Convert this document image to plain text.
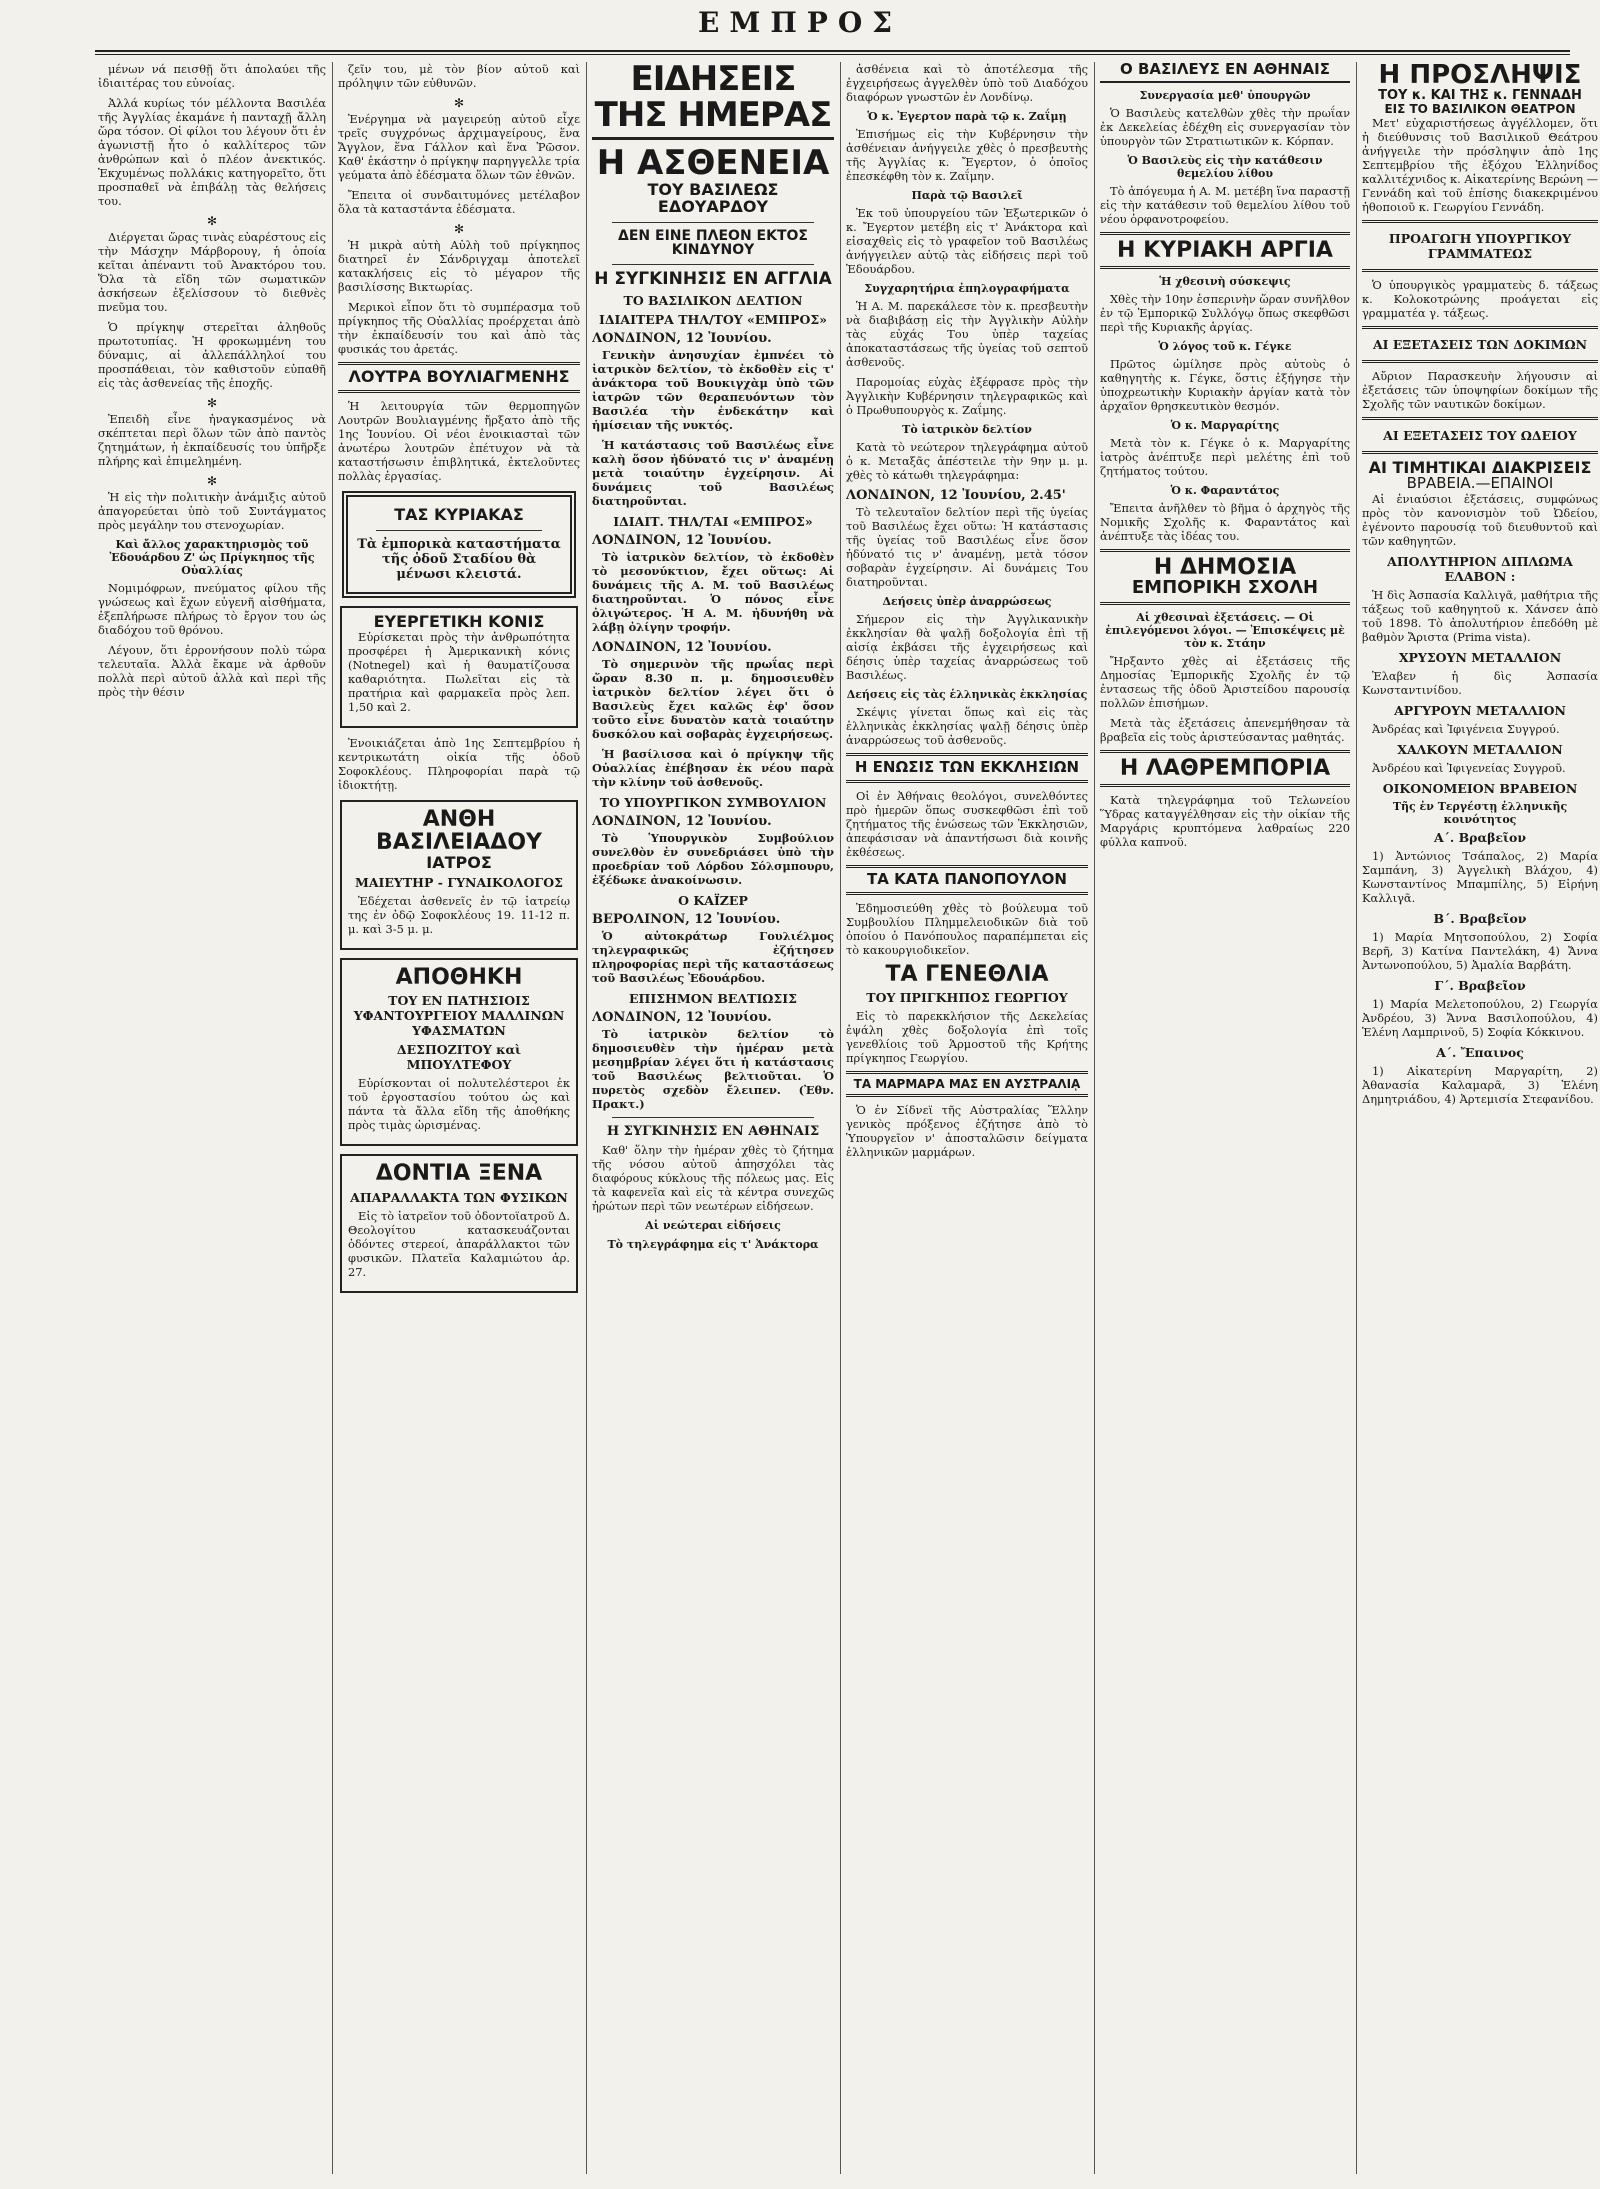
ΕΜΠΡΟΣ

μένων νά πεισθῇ ὅτι ἀπολαύει τῆς ἰδιαιτέρας του εὐνοίας.

Ἀλλά κυρίως τόν μέλλοντα Βασιλέα τῆς Ἀγγλίας ἐκαμάνε ἡ πανταχῇ ἄλλη ὥρα τόσον. Οἱ φίλοι του λέγουν ὅτι ἐν ἀγωνιστῇ ἦτο ὁ καλλίτερος τῶν ἀνθρώπων καὶ ὁ πλέον ἀνεκτικός. Ἐκχυμένως πολλάκις κατηγορεῖτο, ὅτι προσπαθεῖ νὰ ἐπιβάλῃ τὰς θελήσεις του.

✻

Διέργεται ὥρας τινὰς εὐαρέστους εἰς τὴν Μάσχην Μάρβορουγ, ἡ ὁποία κεῖται ἀπέναντι τοῦ Ἀνακτόρου του. Ὅλα τὰ εἴδη τῶν σωματικῶν ἀσκήσεων ἐξελίσσουν τὸ διεθνὲς πνεῦμα του.

Ὁ πρίγκηψ στερεῖται ἀληθοῦς πρωτοτυπίας. Ἡ φροκωμμένη του δύναμις, αἱ ἀλλεπάλληλοί του προσπάθειαι, τὸν καθιστοῦν εὐπαθῆ εἰς τὰς ἀσθενείας τῆς ἐποχῆς.

✻

Ἐπειδὴ εἶνε ἠναγκασμένος νὰ σκέπτεται περὶ ὅλων τῶν ἀπὸ παντὸς ζητημάτων, ἡ ἐκπαίδευσίς του ὑπῆρξε πλήρης καὶ ἐπιμελημένη.

✻

Ἡ εἰς τὴν πολιτικὴν ἀνάμιξις αὐτοῦ ἀπαγορεύεται ὑπὸ τοῦ Συντάγματος πρὸς μεγάλην του στενοχωρίαν.

Καὶ ἄλλος χαρακτηρισμὸς τοῦ Ἐδουάρδου Ζ' ὡς Πρίγκηπος τῆς Οὐαλλίας

Νομιμόφρων, πνεύματος φίλου τῆς γνώσεως καὶ ἔχων εὐγενῆ αἰσθήματα, ἐξεπλήρωσε πλήρως τὸ ἔργον του ὡς διαδόχου τοῦ θρόνου.

Λέγουν, ὅτι ἐρρονήσουν πολὺ τώρα τελευταῖα. Ἀλλὰ ἔκαμε νὰ ἀρθοῦν πολλὰ περὶ αὐτοῦ ἀλλὰ καὶ περὶ τῆς πρὸς τὴν θέσιν

ζεῖν του, μὲ τὸν βίον αὐτοῦ καὶ πρόληψιν τῶν εὐθυνῶν.

✻

Ἐνέργημα νὰ μαγειρεύῃ αὐτοῦ εἶχε τρεῖς συγχρόνως ἀρχιμαγείρους, ἕνα Ἄγγλον, ἕνα Γάλλον καὶ ἕνα Ῥῶσον. Καθ' ἑκάστην ὁ πρίγκηψ παρηγγελλε τρία γεύματα ἀπὸ ἐδέσματα ὅλων τῶν ἐθνῶν.

Ἔπειτα οἱ συνδαιτυμόνες μετέλαβον ὅλα τὰ καταστάντα ἐδέσματα.

✻

Ἡ μικρὰ αὐτὴ Αὐλὴ τοῦ πρίγκηπος διατηρεῖ ἐν Σάνδριγχαμ ἀποτελεῖ κατακλήσεις εἰς τὸ μέγαρον τῆς βασιλίσσης Βικτωρίας.

Μερικοὶ εἶπον ὅτι τὸ συμπέρασμα τοῦ πρίγκηπος τῆς Οὐαλλίας προέρχεται ἀπὸ τὴν ἐκπαίδευσίν του καὶ ἀπὸ τὰς φυσικάς του ἀρετάς.

ΛΟΥΤΡΑ ΒΟΥΛΙΑΓΜΕΝΗΣ

Ἡ λειτουργία τῶν θερμοπηγῶν Λουτρῶν Βουλιαγμένης ἤρξατο ἀπὸ τῆς 1ης Ἰουνίου. Οἱ νέοι ἐνοικιασταὶ τῶν ἀνωτέρω λουτρῶν ἐπέτυχον νὰ τὰ καταστήσωσιν ἐπιβλητικά, ἐκτελοῦντες πολλὰς ἐργασίας.

ΤΑΣ ΚΥΡΙΑΚΑΣ
Τὰ ἐμπορικὰ καταστήματα τῆς ὁδοῦ Σταδίου θὰ μένωσι κλειστά.
ΕΥΕΡΓΕΤΙΚΗ ΚΟΝΙΣ

Εὑρίσκεται πρὸς τὴν ἀνθρωπότητα προσφέρει ἡ Ἀμερικανικὴ κόνις (Notnegel) καὶ ἡ θαυματίζουσα καθαριότητα. Πωλεῖται εἰς τὰ πρατήρια καὶ φαρμακεῖα πρὸς λεπ. 1,50 καὶ 2.

Ἐνοικιάζεται ἀπὸ 1ης Σεπτεμβρίου ἡ κεντρικωτάτη οἰκία τῆς ὁδοῦ Σοφοκλέους. Πληροφορίαι παρὰ τῷ ἰδιοκτήτῃ.

ΑΝΘΗ ΒΑΣΙΛΕΙΑΔΟΥ
ΙΑΤΡΟΣ
ΜΑΙΕΥΤΗΡ - ΓΥΝΑΙΚΟΛΟΓΟΣ

Ἐδέχεται ἀσθενεῖς ἐν τῷ ἰατρείῳ της ἐν ὁδῷ Σοφοκλέους 19. 11-12 π. μ. καὶ 3-5 μ. μ.

ΑΠΟΘΗΚΗ
ΤΟΥ ΕΝ ΠΑΤΗΣΙΟΙΣ ΥΦΑΝΤΟΥΡΓΕΙΟΥ ΜΑΛΛΙΝΩΝ ΥΦΑΣΜΑΤΩΝ
ΔΕΣΠΟΖΙΤΟΥ καὶ ΜΠΟΥΛΤΕΦΟΥ

Εὑρίσκονται οἱ πολυτελέστεροι ἐκ τοῦ ἐργοστασίου τούτου ὡς καὶ πάντα τὰ ἄλλα εἴδη τῆς ἀποθήκης πρὸς τιμὰς ὡρισμένας.

ΔΟΝΤΙΑ ΞΕΝΑ
ΑΠΑΡΑΛΛΑΚΤΑ ΤΩΝ ΦΥΣΙΚΩΝ

Εἰς τὸ ἰατρεῖον τοῦ ὀδοντοϊατροῦ Δ. Θεολογίτου κατασκευάζονται ὀδόντες στερεοί, ἀπαράλλακτοι τῶν φυσικῶν. Πλατεῖα Καλαμιώτου ἀρ. 27.

ΕΙΔΗΣΕΙΣ ΤΗΣ ΗΜΕΡΑΣ
Η ΑΣΘΕΝΕΙΑ
ΤΟΥ ΒΑΣΙΛΕΩΣ ΕΔΟΥΑΡΔΟΥ
ΔΕΝ ΕΙΝΕ ΠΛΕΟΝ ΕΚΤΟΣ ΚΙΝΔΥΝΟΥ
Η ΣΥΓΚΙΝΗΣΙΣ ΕΝ ΑΓΓΛΙΑ
ΤΟ ΒΑΣΙΛΙΚΟΝ ΔΕΛΤΙΟΝ
ΙΔΙΑΙΤΕΡΑ ΤΗΛ/ΤΟΥ «ΕΜΠΡΟΣ»
ΛΟΝΔΙΝΟΝ, 12 Ἰουνίου.

Γενικὴν ἀνησυχίαν ἐμπνέει τὸ ἰατρικὸν δελτίον, τὸ ἐκδοθὲν εἰς τ' ἀνάκτορα τοῦ Βουκιγχὰμ ὑπὸ τῶν ἰατρῶν τῶν θεραπευόντων τὸν Βασιλέα τὴν ἑνδεκάτην καὶ ἡμίσειαν τῆς νυκτός.

Ἡ κατάστασις τοῦ Βασιλέως εἶνε καλὴ ὅσον ἠδύνατό τις ν' ἀναμένῃ μετὰ τοιαύτην ἐγχείρησιν. Αἱ δυνάμεις τοῦ Βασιλέως διατηροῦνται.

ΙΔΙΑΙΤ. ΤΗΛ/ΤΑΙ «ΕΜΠΡΟΣ»
ΛΟΝΔΙΝΟΝ, 12 Ἰουνίου.

Τὸ ἰατρικὸν δελτίον, τὸ ἐκδοθὲν τὸ μεσονύκτιον, ἔχει οὕτως: Αἱ δυνάμεις τῆς Α. Μ. τοῦ Βασιλέως διατηροῦνται. Ὁ πόνος εἶνε ὀλιγώτερος. Ἡ Α. Μ. ἠδυνήθη νὰ λάβῃ ὀλίγην τροφήν.

ΛΟΝΔΙΝΟΝ, 12 Ἰουνίου.

Τὸ σημερινὸν τῆς πρωΐας περὶ ὥραν 8.30 π. μ. δημοσιευθὲν ἰατρικὸν δελτίον λέγει ὅτι ὁ Βασιλεὺς ἔχει καλῶς ἐφ' ὅσον τοῦτο εἶνε δυνατὸν κατὰ τοιαύτην δυσκόλου καὶ σοβαρὰς ἐγχειρήσεως.

Ἡ βασίλισσα καὶ ὁ πρίγκηψ τῆς Οὐαλλίας ἐπέβησαν ἐκ νέου παρὰ τὴν κλίνην τοῦ ἀσθενοῦς.

ΤΟ ΥΠΟΥΡΓΙΚΟΝ ΣΥΜΒΟΥΛΙΟΝ
ΛΟΝΔΙΝΟΝ, 12 Ἰουνίου.

Τὸ Ὑπουργικὸν Συμβούλιον συνελθὸν ἐν συνεδριάσει ὑπὸ τὴν προεδρίαν τοῦ Λόρδου Σόλσμπουρυ, ἐξέδωκε ἀνακοίνωσιν.

Ο ΚΑΪΖΕΡ
ΒΕΡΟΛΙΝΟΝ, 12 Ἰουνίου.

Ὁ αὐτοκράτωρ Γουλιέλμος τηλεγραφικῶς ἐζήτησεν πληροφορίας περὶ τῆς καταστάσεως τοῦ Βασιλέως Ἐδουάρδου.

ΕΠΙΣΗΜΟΝ ΒΕΛΤΙΩΣΙΣ
ΛΟΝΔΙΝΟΝ, 12 Ἰουνίου.

Τὸ ἰατρικὸν δελτίον τὸ δημοσιευθὲν τὴν ἡμέραν μετὰ μεσημβρίαν λέγει ὅτι ἡ κατάστασις τοῦ Βασιλέως βελτιοῦται. Ὁ πυρετὸς σχεδὸν ἔλειπεν. (Ἐθν. Πρακτ.)

Η ΣΥΓΚΙΝΗΣΙΣ ΕΝ ΑΘΗΝΑΙΣ

Καθ' ὅλην τὴν ἡμέραν χθὲς τὸ ζήτημα τῆς νόσου αὐτοῦ ἀπησχόλει τὰς διαφόρους κύκλους τῆς πόλεως μας. Εἰς τὰ καφενεῖα καὶ εἰς τὰ κέντρα συνεχῶς ἡρώτων περὶ τῶν νεωτέρων εἰδήσεων.

Αἱ νεώτεραι εἰδήσεις
Τὸ τηλεγράφημα εἰς τ' Ἀνάκτορα

ἀσθένεια καὶ τὸ ἀποτέλεσμα τῆς ἐγχειρήσεως ἀγγελθὲν ὑπὸ τοῦ Διαδόχου διαφόρων γνωστῶν ἐν Λονδίνῳ.

Ὁ κ. Ἐγερτον παρὰ τῷ κ. Ζαΐμῃ

Ἐπισήμως εἰς τὴν Κυβέρνησιν τὴν ἀσθένειαν ἀνήγγειλε χθὲς ὁ πρεσβευτὴς τῆς Ἀγγλίας κ. Ἔγερτον, ὁ ὁποῖος ἐπεσκέφθη τὸν κ. Ζαΐμην.

Παρὰ τῷ Βασιλεῖ

Ἐκ τοῦ ὑπουργείου τῶν Ἐξωτερικῶν ὁ κ. Ἔγερτον μετέβη εἰς τ' Ἀνάκτορα καὶ εἰσαχθεὶς εἰς τὸ γραφεῖον τοῦ Βασιλέως ἀνήγγειλεν αὐτῷ τὰς εἰδήσεις περὶ τοῦ Ἐδουάρδου.

Συγχαρητήρια ἐπηλογραφήματα

Ἡ Α. Μ. παρεκάλεσε τὸν κ. πρεσβευτὴν νὰ διαβιβάσῃ εἰς τὴν Ἀγγλικὴν Αὐλὴν τὰς εὐχάς Του ὑπὲρ ταχείας ἀποκαταστάσεως τῆς ὑγείας τοῦ σεπτοῦ ἀσθενοῦς.

Παρομοίας εὐχὰς ἐξέφρασε πρὸς τὴν Ἀγγλικὴν Κυβέρνησιν τηλεγραφικῶς καὶ ὁ Πρωθυπουργὸς κ. Ζαΐμης.

Τὸ ἰατρικὸν δελτίον

Κατὰ τὸ νεώτερον τηλεγράφημα αὐτοῦ ὁ κ. Μεταξᾶς ἀπέστειλε τὴν 9ην μ. μ. χθὲς τὸ κάτωθι τηλεγράφημα:

ΛΟΝΔΙΝΟΝ, 12 Ἰουνίου, 2.45'

Τὸ τελευταῖον δελτίον περὶ τῆς ὑγείας τοῦ Βασιλέως ἔχει οὕτω: Ἡ κατάστασις τῆς ὑγείας τοῦ Βασιλέως εἶνε ὅσον ἠδύνατό τις ν' ἀναμένῃ, μετὰ τόσον σοβαρὰν ἐγχείρησιν. Αἱ δυνάμεις Του διατηροῦνται.

Δεήσεις ὑπὲρ ἀναρρώσεως

Σήμερον εἰς τὴν Ἀγγλικανικὴν ἐκκλησίαν θὰ ψαλῇ δοξολογία ἐπὶ τῇ αἰσίᾳ ἐκβάσει τῆς ἐγχειρήσεως καὶ δέησις ὑπὲρ ταχείας ἀναρρώσεως τοῦ Βασιλέως.

Δεήσεις εἰς τὰς ἑλληνικὰς ἐκκλησίας

Σκέψις γίνεται ὅπως καὶ εἰς τὰς ἑλληνικὰς ἐκκλησίας ψαλῇ δέησις ὑπὲρ ἀναρρώσεως τοῦ ἀσθενοῦς.

Η ΕΝΩΣΙΣ ΤΩΝ ΕΚΚΛΗΣΙΩΝ

Οἱ ἐν Ἀθήναις θεολόγοι, συνελθόντες πρὸ ἡμερῶν ὅπως συσκεφθῶσι ἐπὶ τοῦ ζητήματος τῆς ἑνώσεως τῶν Ἐκκλησιῶν, ἀπεφάσισαν νὰ ἀπαντήσωσι διὰ κοινῆς ἐκθέσεως.

ΤΑ ΚΑΤΑ ΠΑΝΟΠΟΥΛΟΝ

Ἐδημοσιεύθη χθὲς τὸ βούλευμα τοῦ Συμβουλίου Πλημμελειοδικῶν διὰ τοῦ ὁποίου ὁ Πανόπουλος παραπέμπεται εἰς τὸ κακουργιοδικεῖον.

ΤΑ ΓΕΝΕΘΛΙΑ
ΤΟΥ ΠΡΙΓΚΗΠΟΣ ΓΕΩΡΓΙΟΥ

Εἰς τὸ παρεκκλήσιον τῆς Δεκελείας ἐψάλη χθὲς δοξολογία ἐπὶ τοῖς γενεθλίοις τοῦ Ἁρμοστοῦ τῆς Κρήτης πρίγκηπος Γεωργίου.

ΤΑ ΜΑΡΜΑΡΑ ΜΑΣ ΕΝ ΑΥΣΤΡΑΛΙᾼ

Ὁ ἐν Σίδνεϊ τῆς Αὐστραλίας Ἕλλην γενικὸς πρόξενος ἐζήτησε ἀπὸ τὸ Ὑπουργεῖον ν' ἀποσταλῶσιν δείγματα ἑλληνικῶν μαρμάρων.

Ο ΒΑΣΙΛΕΥΣ ΕΝ ΑΘΗΝΑΙΣ
Συνεργασία μεθ' ὑπουργῶν

Ὁ Βασιλεὺς κατελθὼν χθὲς τὴν πρωΐαν ἐκ Δεκελείας ἐδέχθη εἰς συνεργασίαν τὸν ὑπουργὸν τῶν Στρατιωτικῶν κ. Κόρπαν.

Ὁ Βασιλεὺς εἰς τὴν κατάθεσιν θεμελίου λίθου

Τὸ ἀπόγευμα ἡ Α. Μ. μετέβη ἵνα παραστῇ εἰς τὴν κατάθεσιν τοῦ θεμελίου λίθου τοῦ νέου ὀρφανοτροφείου.

Η ΚΥΡΙΑΚΗ ΑΡΓΙΑ
Ἡ χθεσινὴ σύσκεψις

Χθὲς τὴν 10ην ἑσπερινὴν ὥραν συνῆλθον ἐν τῷ Ἐμπορικῷ Συλλόγῳ ὅπως σκεφθῶσι περὶ τῆς Κυριακῆς ἀργίας.

Ὁ λόγος τοῦ κ. Γέγκε

Πρῶτος ὡμίλησε πρὸς αὐτοὺς ὁ καθηγητὴς κ. Γέγκε, ὅστις ἐξήγησε τὴν ὑποχρεωτικὴν Κυριακὴν ἀργίαν κατὰ τὸν ἀρχαῖον θρησκευτικὸν θεσμόν.

Ὁ κ. Μαργαρίτης

Μετὰ τὸν κ. Γέγκε ὁ κ. Μαργαρίτης ἰατρὸς ἀνέπτυξε περὶ μελέτης ἐπὶ τοῦ ζητήματος τούτου.

Ὁ κ. Φαραντάτος

Ἔπειτα ἀνῆλθεν τὸ βῆμα ὁ ἀρχηγὸς τῆς Νομικῆς Σχολῆς κ. Φαραντάτος καὶ ἀνέπτυξε τὰς ἰδέας του.

Η ΔΗΜΟΣΙΑ
ΕΜΠΟΡΙΚΗ ΣΧΟΛΗ
Αἱ χθεσιναὶ ἐξετάσεις. — Οἱ ἐπιλεγόμενοι λόγοι. — Ἐπισκέψεις μὲ τὸν κ. Στάην

Ἤρξαντο χθὲς αἱ ἐξετάσεις τῆς Δημοσίας Ἐμπορικῆς Σχολῆς ἐν τῷ ἐντασεως τῆς ὁδοῦ Ἀριστείδου παρουσίᾳ πολλῶν ἐπισήμων.

Μετὰ τὰς ἐξετάσεις ἀπενεμήθησαν τὰ βραβεῖα εἰς τοὺς ἀριστεύσαντας μαθητάς.

Η ΛΑΘΡΕΜΠΟΡΙΑ

Κατὰ τηλεγράφημα τοῦ Τελωνείου Ὕδρας καταγγέλθησαν εἰς τὴν οἰκίαν τῆς Μαργάρις κρυπτόμενα λαθραίως 220 φύλλα καπνοῦ.

Η ΠΡΟΣΛΗΨΙΣ
ΤΟΥ κ. ΚΑΙ ΤΗΣ κ. ΓΕΝΝΑΔΗ
ΕΙΣ ΤΟ ΒΑΣΙΛΙΚΟΝ ΘΕΑΤΡΟΝ

Μετ' εὐχαριστήσεως ἀγγέλλομεν, ὅτι ἡ διεύθυνσις τοῦ Βασιλικοῦ Θεάτρου ἀνήγγειλε τὴν πρόσληψιν ἀπὸ 1ης Σεπτεμβρίου τῆς ἐξόχου Ἑλληνίδος καλλιτέχνιδος κ. Αἰκατερίνης Βερώνη — Γεννάδη καὶ τοῦ ἐπίσης διακεκριμένου ἠθοποιοῦ κ. Γεωργίου Γεννάδη.

ΠΡΟΑΓΩΓΗ ΥΠΟΥΡΓΙΚΟΥ ΓΡΑΜΜΑΤΕΩΣ

Ὁ ὑπουργικὸς γραμματεὺς δ. τάξεως κ. Κολοκοτρώνης προάγεται εἰς γραμματέα γ. τάξεως.

ΑΙ ΕΞΕΤΑΣΕΙΣ ΤΩΝ ΔΟΚΙΜΩΝ

Αὔριον Παρασκευὴν λήγουσιν αἱ ἐξετάσεις τῶν ὑποψηφίων δοκίμων τῆς Σχολῆς τῶν ναυτικῶν δοκίμων.

ΑΙ ΕΞΕΤΑΣΕΙΣ ΤΟΥ ΩΔΕΙΟΥ
ΑΙ ΤΙΜΗΤΙΚΑΙ ΔΙΑΚΡΙΣΕΙΣ
ΒΡΑΒΕΙΑ.—ΕΠΑΙΝΟΙ

Αἱ ἐνιαύσιοι ἐξετάσεις, συμφώνως πρὸς τὸν κανονισμὸν τοῦ Ὠδείου, ἐγένοντο παρουσίᾳ τοῦ διευθυντοῦ καὶ τῶν καθηγητῶν.

ΑΠΟΛΥΤΗΡΙΟΝ ΔΙΠΛΩΜΑ ΕΛΑΒΟΝ :

Ἡ δὶς Ἀσπασία Καλλιγᾶ, μαθήτρια τῆς τάξεως τοῦ καθηγητοῦ κ. Χάνσεν ἀπὸ τοῦ 1898. Τὸ ἀπολυτήριον ἐπεδόθη μὲ βαθμὸν Ἄριστα (Prima vista).

ΧΡΥΣΟΥΝ ΜΕΤΑΛΛΙΟΝ

Ἐλαβεν ἡ δὶς Ἀσπασία Κωνσταντινίδου.

ΑΡΓΥΡΟΥΝ ΜΕΤΑΛΛΙΟΝ

Ἀνδρέας καὶ Ἰφιγένεια Συγγρού.

ΧΑΛΚΟΥΝ ΜΕΤΑΛΛΙΟΝ

Ἀνδρέου καὶ Ἰφιγενείας Συγγροῦ.

ΟΙΚΟΝΟΜΕΙΟΝ ΒΡΑΒΕΙΟΝ
Τῆς ἐν Τεργέστῃ ἑλληνικῆς κοινότητος
Α΄. Βραβεῖον

1) Ἀντώνιος Τσάπαλος, 2) Μαρία Σαμπάνη, 3) Ἀγγελικὴ Βλάχου, 4) Κωνσταντίνος Μπαμπίλης, 5) Εἰρήνη Καλλιγᾶ.

Β΄. Βραβεῖον

1) Μαρία Μητσοπούλου, 2) Σοφία Βερῆ, 3) Κατίνα Παντελάκη, 4) Ἄννα Ἀντωνοπούλου, 5) Ἀμαλία Βαρβάτη.

Γ΄. Βραβεῖον

1) Μαρία Μελετοπούλου, 2) Γεωργία Ἀνδρέου, 3) Ἄννα Βασιλοπούλου, 4) Ἑλένη Λαμπρινοῦ, 5) Σοφία Κόκκινου.

Α΄. Ἔπαινος

1) Αἰκατερίνη Μαργαρίτη, 2) Ἀθανασία Καλαμαρᾶ, 3) Ἑλένη Δημητριάδου, 4) Ἀρτεμισία Στεφανίδου.
